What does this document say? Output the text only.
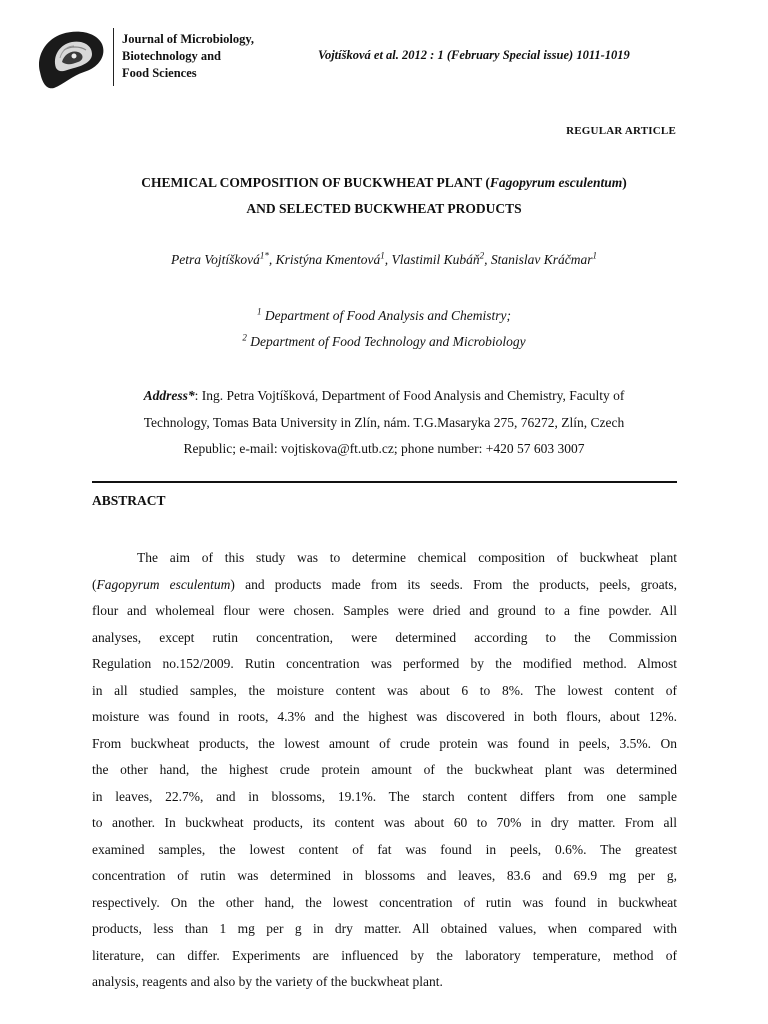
Journal of Microbiology,
Biotechnology and
Food Sciences
Vojtíšková et al. 2012 : 1 (February Special issue) 1011-1019
REGULAR ARTICLE
CHEMICAL COMPOSITION OF BUCKWHEAT PLANT (Fagopyrum esculentum)
AND SELECTED BUCKWHEAT PRODUCTS
Petra Vojtíšková$^{1*}$, Kristýna Kmentová$^1$, Vlastimil Kubáň$^2$, Stanislav Kráčmar$^1$
$^1$ Department of Food Analysis and Chemistry;
$^2$ Department of Food Technology and Microbiology
Address*: Ing. Petra Vojtíšková, Department of Food Analysis and Chemistry, Faculty of
Technology, Tomas Bata University in Zlín, nám. T.G.Masaryka 275, 76272, Zlín, Czech
Republic; e-mail: vojtiskova@ft.utb.cz; phone number: +420 57 603 3007
ABSTRACT
The aim of this study was to determine chemical composition of buckwheat plant
(Fagopyrum esculentum) and products made from its seeds. From the products, peels, groats,
flour and wholemeal flour were chosen. Samples were dried and ground to a fine powder. All
analyses, except rutin concentration, were determined according to the Commission
Regulation no.152/2009. Rutin concentration was performed by the modified method. Almost
in all studied samples, the moisture content was about 6 to 8%. The lowest content of
moisture was found in roots, 4.3% and the highest was discovered in both flours, about 12%.
From buckwheat products, the lowest amount of crude protein was found in peels, 3.5%. On
the other hand, the highest crude protein amount of the buckwheat plant was determined
in leaves, 22.7%, and in blossoms, 19.1%. The starch content differs from one sample
to another. In buckwheat products, its content was about 60 to 70% in dry matter. From all
examined samples, the lowest content of fat was found in peels, 0.6%. The greatest
concentration of rutin was determined in blossoms and leaves, 83.6 and 69.9 mg per g,
respectively. On the other hand, the lowest concentration of rutin was found in buckwheat
products, less than 1 mg per g in dry matter. All obtained values, when compared with
literature, can differ. Experiments are influenced by the laboratory temperature, method of
analysis, reagents and also by the variety of the buckwheat plant.
